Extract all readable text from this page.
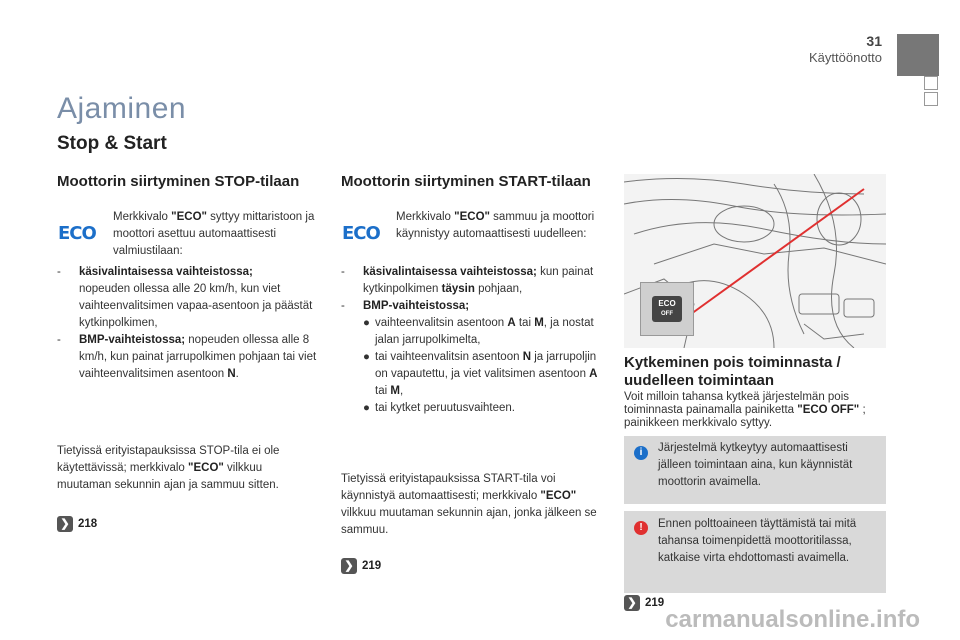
31
Käyttöönotto
Ajaminen
Stop & Start
Moottorin siirtyminen STOP-tilaan
ECO
Merkkivalo "ECO" syttyy mittaristoon ja moottori asettuu automaattisesti valmiustilaan:
-	käsivalintaisessa vaihteistossa;
nopeuden ollessa alle 20 km/h, kun viet vaihteenvalitsimen vapaa-asentoon ja päästät kytkinpolkimen,
-	BMP-vaihteistossa; nopeuden ollessa alle 8 km/h, kun painat jarrupolkimen pohjaan tai viet vaihteenvalitsimen asentoon N.
Tietyissä erityistapauksissa STOP-tila ei ole käytettävissä; merkkivalo "ECO" vilkkuu muutaman sekunnin ajan ja sammuu sitten.
❯ 218
Moottorin siirtyminen START-tilaan
ECO
Merkkivalo "ECO" sammuu ja moottori käynnistyy automaattisesti uudelleen:
-	käsivalintaisessa vaihteistossa; kun painat kytkinpolkimen täysin pohjaan,
-	BMP-vaihteistossa;
● vaihteenvalitsin asentoon A tai M, ja nostat jalan jarrupolkimelta,
● tai vaihteenvalitsin asentoon N ja jarrupoljin on vapautettu, ja viet valitsimen asentoon A tai M,
● tai kytket peruutusvaihteen.
Tietyissä erityistapauksissa START-tila voi käynnistyä automaattisesti; merkkivalo "ECO" vilkkuu muutaman sekunnin ajan, jonka jälkeen se sammuu.
❯ 219
ECO
OFF
Kytkeminen pois toiminnasta / uudelleen toimintaan
Voit milloin tahansa kytkeä järjestelmän pois toiminnasta painamalla painiketta "ECO OFF" ; painikkeen merkkivalo syttyy.
i	Järjestelmä kytkeytyy automaattisesti jälleen toimintaan aina, kun käynnistät moottorin avaimella.
!	Ennen polttoaineen täyttämistä tai mitä tahansa toimenpidettä moottoritilassa, katkaise virta ehdottomasti avaimella.
❯ 219
carmanualsonline.info
